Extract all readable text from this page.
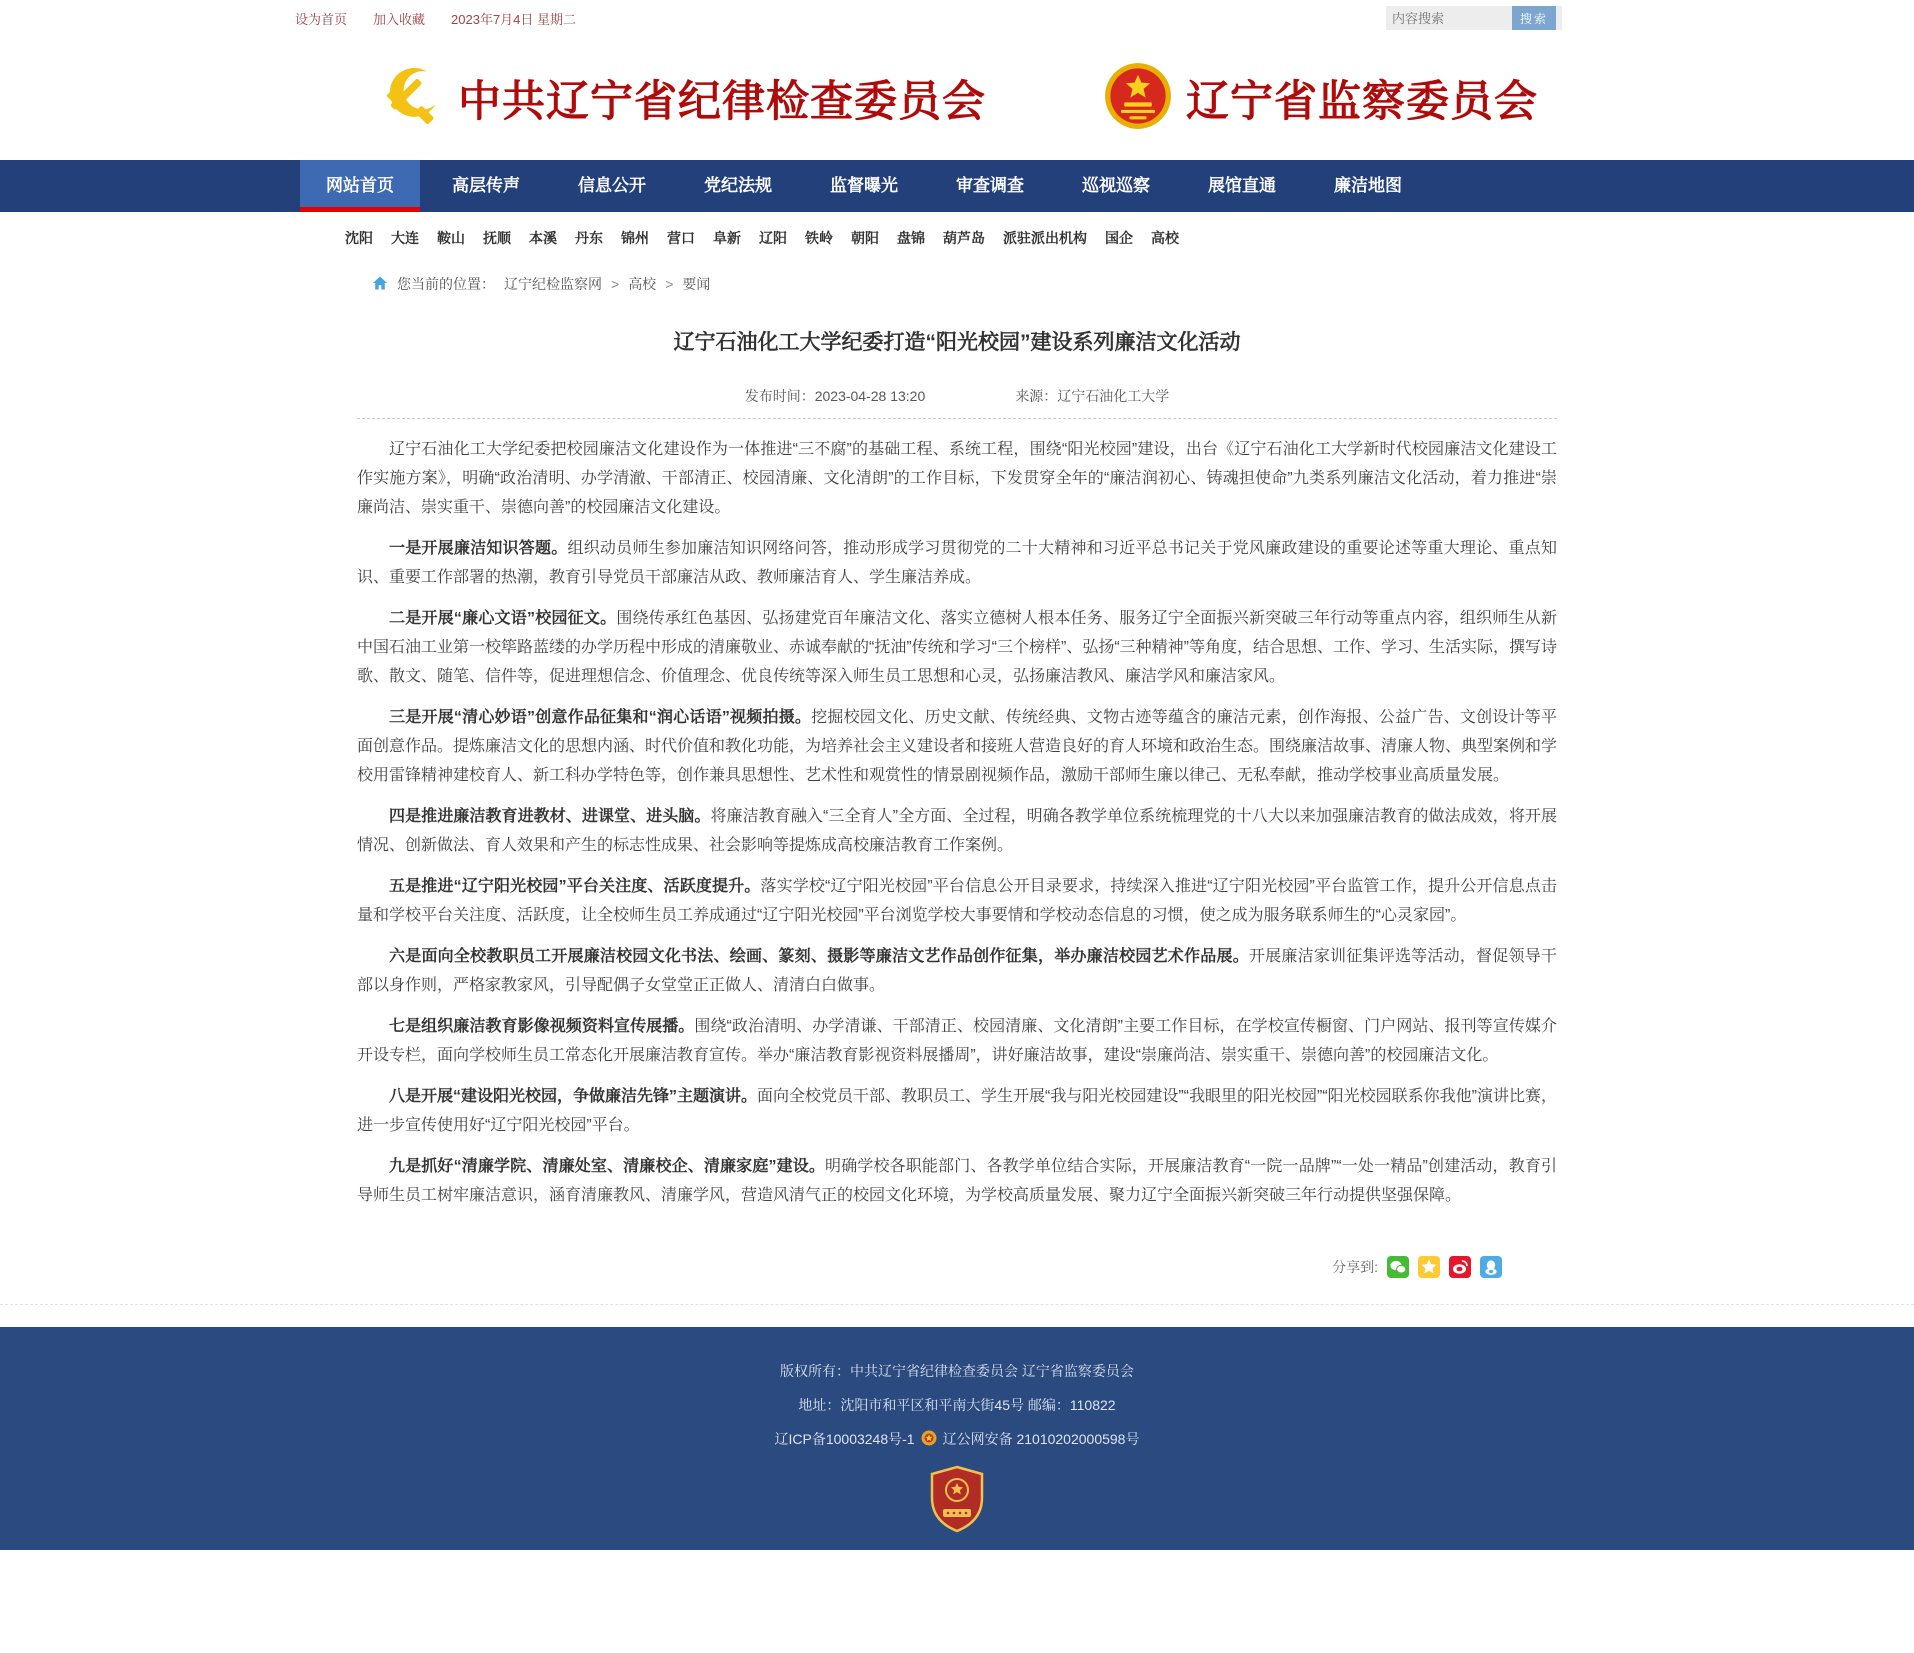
设为首页 加入收藏 2023年7月4日 星期二
内容搜索	搜索
中共辽宁省纪律检查委员会	辽宁省监察委员会
网站首页	高层传声	信息公开	党纪法规	监督曝光	审查调查	巡视巡察	展馆直通	廉洁地图
沈阳 大连 鞍山 抚顺 本溪 丹东 锦州 营口 阜新 辽阳 铁岭 朝阳 盘锦 葫芦岛 派驻派出机构 国企 高校
您当前的位置： 辽宁纪检监察网 > 高校 > 要闻
辽宁石油化工大学纪委打造“阳光校园”建设系列廉洁文化活动
发布时间：2023-04-28 13:20	来源：辽宁石油化工大学

辽宁石油化工大学纪委把校园廉洁文化建设作为一体推进“三不腐”的基础工程、系统工程，围绕“阳光校园”建设，出台《辽宁石油化工大学新时代校园廉洁文化建设工作实施方案》，明确“政治清明、办学清澈、干部清正、校园清廉、文化清朗”的工作目标，下发贯穿全年的“廉洁润初心、铸魂担使命”九类系列廉洁文化活动，着力推进“崇廉尚洁、崇实重干、崇德向善”的校园廉洁文化建设。

一是开展廉洁知识答题。组织动员师生参加廉洁知识网络问答，推动形成学习贯彻党的二十大精神和习近平总书记关于党风廉政建设的重要论述等重大理论、重点知识、重要工作部署的热潮，教育引导党员干部廉洁从政、教师廉洁育人、学生廉洁养成。

二是开展“廉心文语”校园征文。围绕传承红色基因、弘扬建党百年廉洁文化、落实立德树人根本任务、服务辽宁全面振兴新突破三年行动等重点内容，组织师生从新中国石油工业第一校筚路蓝缕的办学历程中形成的清廉敬业、赤诚奉献的“抚油”传统和学习“三个榜样”、弘扬“三种精神”等角度，结合思想、工作、学习、生活实际，撰写诗歌、散文、随笔、信件等，促进理想信念、价值理念、优良传统等深入师生员工思想和心灵，弘扬廉洁教风、廉洁学风和廉洁家风。

三是开展“清心妙语”创意作品征集和“润心话语”视频拍摄。挖掘校园文化、历史文献、传统经典、文物古迹等蕴含的廉洁元素，创作海报、公益广告、文创设计等平面创意作品。提炼廉洁文化的思想内涵、时代价值和教化功能，为培养社会主义建设者和接班人营造良好的育人环境和政治生态。围绕廉洁故事、清廉人物、典型案例和学校用雷锋精神建校育人、新工科办学特色等，创作兼具思想性、艺术性和观赏性的情景剧视频作品，激励干部师生廉以律己、无私奉献，推动学校事业高质量发展。

四是推进廉洁教育进教材、进课堂、进头脑。将廉洁教育融入“三全育人”全方面、全过程，明确各教学单位系统梳理党的十八大以来加强廉洁教育的做法成效，将开展情况、创新做法、育人效果和产生的标志性成果、社会影响等提炼成高校廉洁教育工作案例。

五是推进“辽宁阳光校园”平台关注度、活跃度提升。落实学校“辽宁阳光校园”平台信息公开目录要求，持续深入推进“辽宁阳光校园”平台监管工作，提升公开信息点击量和学校平台关注度、活跃度，让全校师生员工养成通过“辽宁阳光校园”平台浏览学校大事要情和学校动态信息的习惯，使之成为服务联系师生的“心灵家园”。

六是面向全校教职员工开展廉洁校园文化书法、绘画、篆刻、摄影等廉洁文艺作品创作征集，举办廉洁校园艺术作品展。开展廉洁家训征集评选等活动，督促领导干部以身作则，严格家教家风，引导配偶子女堂堂正正做人、清清白白做事。

七是组织廉洁教育影像视频资料宣传展播。围绕“政治清明、办学清谦、干部清正、校园清廉、文化清朗”主要工作目标，在学校宣传橱窗、门户网站、报刊等宣传媒介开设专栏，面向学校师生员工常态化开展廉洁教育宣传。举办“廉洁教育影视资料展播周”，讲好廉洁故事，建设“崇廉尚洁、崇实重干、崇德向善”的校园廉洁文化。

八是开展“建设阳光校园，争做廉洁先锋”主题演讲。面向全校党员干部、教职员工、学生开展“我与阳光校园建设”“我眼里的阳光校园”“阳光校园联系你我他”演讲比赛，进一步宣传使用好“辽宁阳光校园”平台。

九是抓好“清廉学院、清廉处室、清廉校企、清廉家庭”建设。明确学校各职能部门、各教学单位结合实际，开展廉洁教育“一院一品牌”“一处一精品”创建活动，教育引导师生员工树牢廉洁意识，涵育清廉教风、清廉学风，营造风清气正的校园文化环境，为学校高质量发展、聚力辽宁全面振兴新突破三年行动提供坚强保障。

分享到:
版权所有：中共辽宁省纪律检查委员会 辽宁省监察委员会
地址：沈阳市和平区和平南大街45号 邮编：110822
辽ICP备10003248号-1 辽公网安备 21010202000598号
